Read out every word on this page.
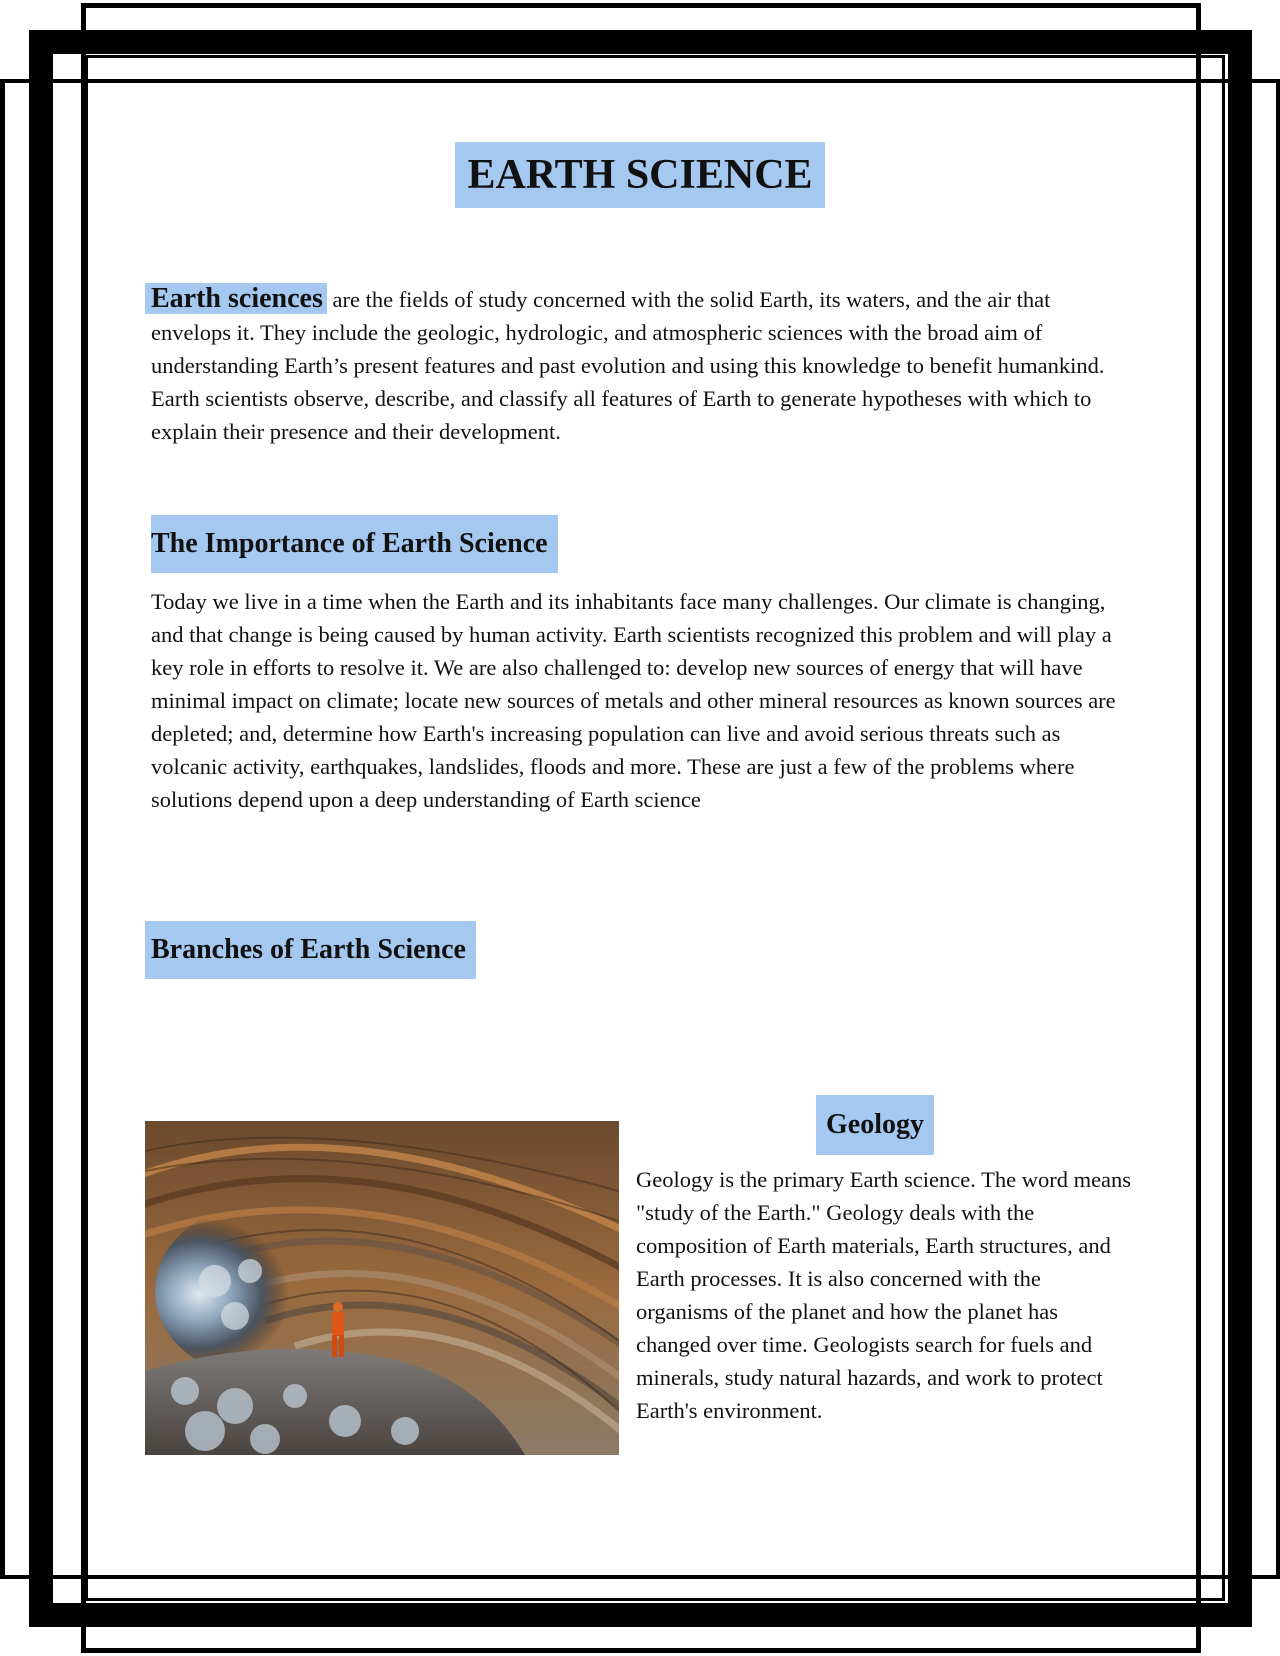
EARTH SCIENCE

Earth sciences are the fields of study concerned with the solid Earth, its waters, and the air that envelops it. They include the geologic, hydrologic, and atmospheric sciences with the broad aim of understanding Earth’s present features and past evolution and using this knowledge to benefit humankind. Earth scientists observe, describe, and classify all features of Earth to generate hypotheses with which to explain their presence and their development.

The Importance of Earth Science

Today we live in a time when the Earth and its inhabitants face many challenges. Our climate is changing, and that change is being caused by human activity. Earth scientists recognized this problem and will play a key role in efforts to resolve it. We are also challenged to: develop new sources of energy that will have minimal impact on climate; locate new sources of metals and other mineral resources as known sources are depleted; and, determine how Earth's increasing population can live and avoid serious threats such as volcanic activity, earthquakes, landslides, floods and more. These are just a few of the problems where solutions depend upon a deep understanding of Earth science

Branches of Earth Science
Geology

Geology is the primary Earth science. The word means "study of the Earth." Geology deals with the composition of Earth materials, Earth structures, and Earth processes. It is also concerned with the organisms of the planet and how the planet has changed over time. Geologists search for fuels and minerals, study natural hazards, and work to protect Earth's environment.
